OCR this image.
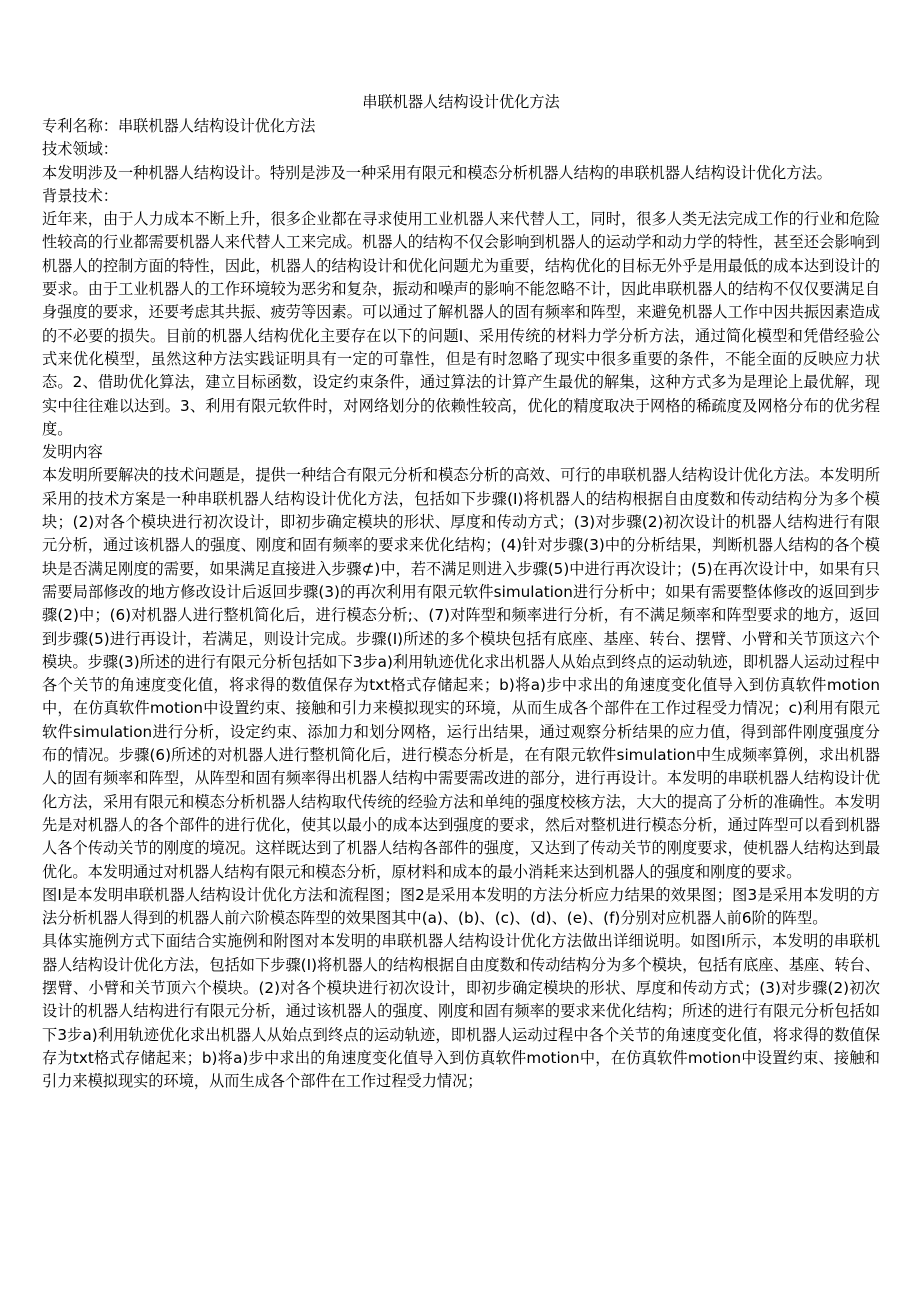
串联机器人结构设计优化方法

专利名称：串联机器人结构设计优化方法

技术领域：

本发明涉及一种机器人结构设计。特别是涉及一种采用有限元和模态分析机器人结构的串联机器人结构设计优化方法。

背景技术：

近年来，由于人力成本不断上升，很多企业都在寻求使用工业机器人来代替人工，同时，很多人类无法完成工作的行业和危险性较高的行业都需要机器人来代替人工来完成。机器人的结构不仅会影响到机器人的运动学和动力学的特性，甚至还会影响到机器人的控制方面的特性，因此，机器人的结构设计和优化问题尤为重要，结构优化的目标无外乎是用最低的成本达到设计的要求。由于工业机器人的工作环境较为恶劣和复杂，振动和噪声的影响不能忽略不计，因此串联机器人的结构不仅仅要满足自身强度的要求，还要考虑其共振、疲劳等因素。可以通过了解机器人的固有频率和阵型，来避免机器人工作中因共振因素造成的不必要的损失。目前的机器人结构优化主要存在以下的问题I、采用传统的材料力学分析方法，通过简化模型和凭借经验公式来优化模型，虽然这种方法实践证明具有一定的可靠性，但是有时忽略了现实中很多重要的条件，不能全面的反映应力状态。2、借助优化算法，建立目标函数，设定约束条件，通过算法的计算产生最优的解集，这种方式多为是理论上最优解，现实中往往难以达到。3、利用有限元软件时，对网络划分的依赖性较高，优化的精度取决于网格的稀疏度及网格分布的优劣程度。

发明内容

本发明所要解决的技术问题是，提供一种结合有限元分析和模态分析的高效、可行的串联机器人结构设计优化方法。本发明所采用的技术方案是一种串联机器人结构设计优化方法，包括如下步骤(I)将机器人的结构根据自由度数和传动结构分为多个模块；(2)对各个模块进行初次设计，即初步确定模块的形状、厚度和传动方式；(3)对步骤(2)初次设计的机器人结构进行有限元分析，通过该机器人的强度、刚度和固有频率的要求来优化结构；(4)针对步骤(3)中的分析结果，判断机器人结构的各个模块是否满足刚度的需要，如果满足直接进入步骤⊄)中，若不满足则进入步骤(5)中进行再次设计；(5)在再次设计中，如果有只需要局部修改的地方修改设计后返回步骤(3)的再次利用有限元软件simulation进行分析中；如果有需要整体修改的返回到步骤(2)中；(6)对机器人进行整机简化后，进行模态分析;、(7)对阵型和频率进行分析，有不满足频率和阵型要求的地方，返回到步骤(5)进行再设计，若满足，则设计完成。步骤(I)所述的多个模块包括有底座、基座、转台、摆臂、小臂和关节顶这六个模块。步骤(3)所述的进行有限元分析包括如下3步a)利用轨迹优化求出机器人从始点到终点的运动轨迹，即机器人运动过程中各个关节的角速度变化值，将求得的数值保存为txt格式存储起来；b)将a)步中求出的角速度变化值导入到仿真软件motion中，在仿真软件motion中设置约束、接触和引力来模拟现实的环境，从而生成各个部件在工作过程受力情况；c)利用有限元软件simulation进行分析，设定约束、添加力和划分网格，运行出结果，通过观察分析结果的应力值，得到部件刚度强度分布的情况。步骤(6)所述的对机器人进行整机简化后，进行模态分析是，在有限元软件simulation中生成频率算例，求出机器人的固有频率和阵型，从阵型和固有频率得出机器人结构中需要需改进的部分，进行再设计。本发明的串联机器人结构设计优化方法，采用有限元和模态分析机器人结构取代传统的经验方法和单纯的强度校核方法，大大的提高了分析的准确性。本发明先是对机器人的各个部件的进行优化，使其以最小的成本达到强度的要求，然后对整机进行模态分析，通过阵型可以看到机器人各个传动关节的刚度的境况。这样既达到了机器人结构各部件的强度，又达到了传动关节的刚度要求，使机器人结构达到最优化。本发明通过对机器人结构有限元和模态分析，原材料和成本的最小消耗来达到机器人的强度和刚度的要求。

图I是本发明串联机器人结构设计优化方法和流程图；图2是采用本发明的方法分析应力结果的效果图；图3是采用本发明的方法分析机器人得到的机器人前六阶模态阵型的效果图其中(a)、(b)、(c)、(d)、(e)、(f)分别对应机器人前6阶的阵型。

具体实施例方式下面结合实施例和附图对本发明的串联机器人结构设计优化方法做出详细说明。如图I所示，本发明的串联机器人结构设计优化方法，包括如下步骤(I)将机器人的结构根据自由度数和传动结构分为多个模块，包括有底座、基座、转台、摆臂、小臂和关节顶六个模块。(2)对各个模块进行初次设计，即初步确定模块的形状、厚度和传动方式；(3)对步骤(2)初次设计的机器人结构进行有限元分析，通过该机器人的强度、刚度和固有频率的要求来优化结构；所述的进行有限元分析包括如下3步a)利用轨迹优化求出机器人从始点到终点的运动轨迹，即机器人运动过程中各个关节的角速度变化值，将求得的数值保存为txt格式存储起来；b)将a)步中求出的角速度变化值导入到仿真软件motion中，在仿真软件motion中设置约束、接触和引力来模拟现实的环境，从而生成各个部件在工作过程受力情况；
